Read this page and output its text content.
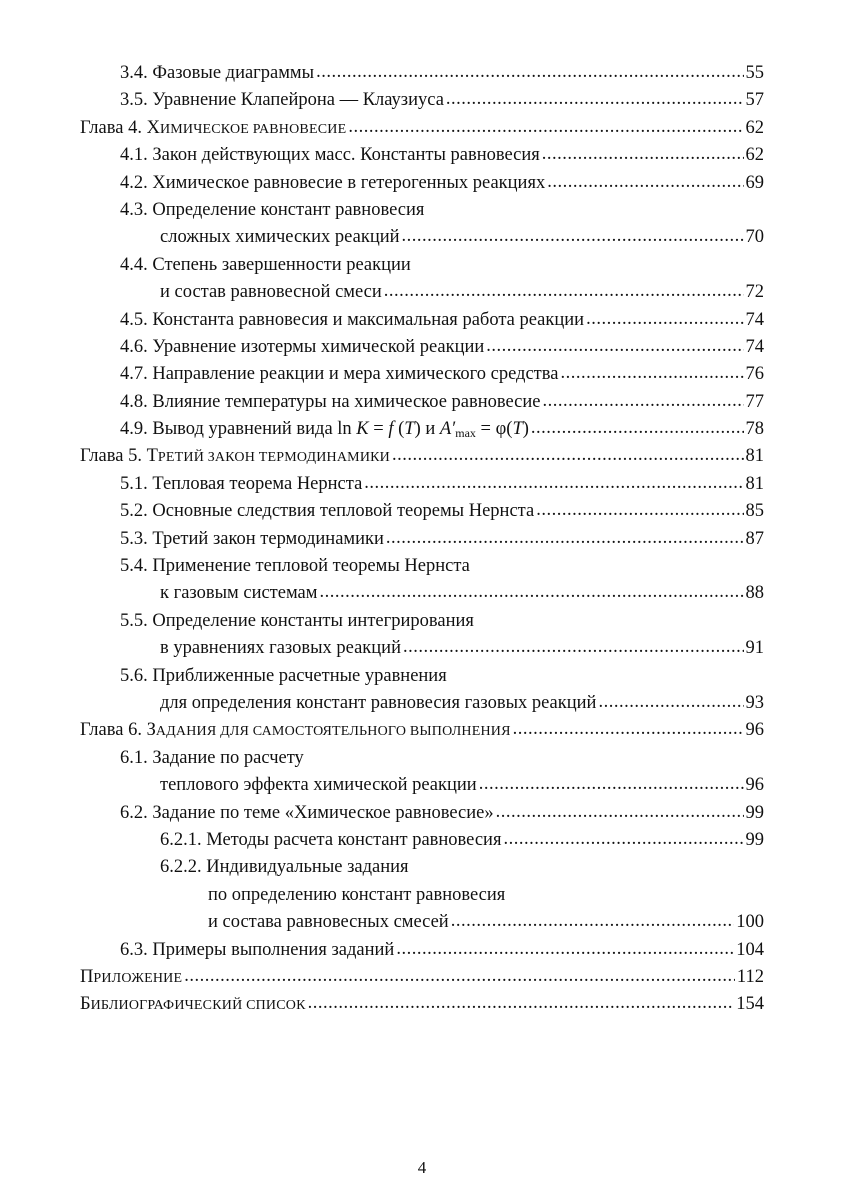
3.4. Фазовые диаграммы .....	55
3.5. Уравнение Клапейрона — Клаузиуса .....	57
Глава 4. ХИМИЧЕСКОЕ РАВНОВЕСИЕ .....	62
4.1. Закон действующих масс. Константы равновесия .....	62
4.2. Химическое равновесие в гетерогенных реакциях .....	69
4.3. Определение констант равновесия
сложных химических реакций .....	70
4.4. Степень завершенности реакции
и состав равновесной смеси .....	72
4.5. Константа равновесия и максимальная работа реакции .....	74
4.6. Уравнение изотермы химической реакции .....	74
4.7. Направление реакции и мера химического средства .....	76
4.8. Влияние температуры на химическое равновесие .....	77
4.9. Вывод уравнений вида ln K = f (T) и $A'_{max} = \varphi(T)$ .....	78
Глава 5. ТРЕТИЙ ЗАКОН ТЕРМОДИНАМИКИ .....	81
5.1. Тепловая теорема Нернста .....	81
5.2. Основные следствия тепловой теоремы Нернста .....	85
5.3. Третий закон термодинамики .....	87
5.4. Применение тепловой теоремы Нернста
к газовым системам .....	88
5.5. Определение константы интегрирования
в уравнениях газовых реакций .....	91
5.6. Приближенные расчетные уравнения
для определения констант равновесия газовых реакций .....	93
Глава 6. ЗАДАНИЯ ДЛЯ САМОСТОЯТЕЛЬНОГО ВЫПОЛНЕНИЯ .....	96
6.1. Задание по расчету
теплового эффекта химической реакции .....	96
6.2. Задание по теме «Химическое равновесие» .....	99
6.2.1. Методы расчета констант равновесия .....	99
6.2.2. Индивидуальные задания
по определению констант равновесия
и состава равновесных смесей .....	100
6.3. Примеры выполнения заданий .....	104
ПРИЛОЖЕНИЕ .....	112
БИБЛИОГРАФИЧЕСКИЙ СПИСОК .....	154
4
